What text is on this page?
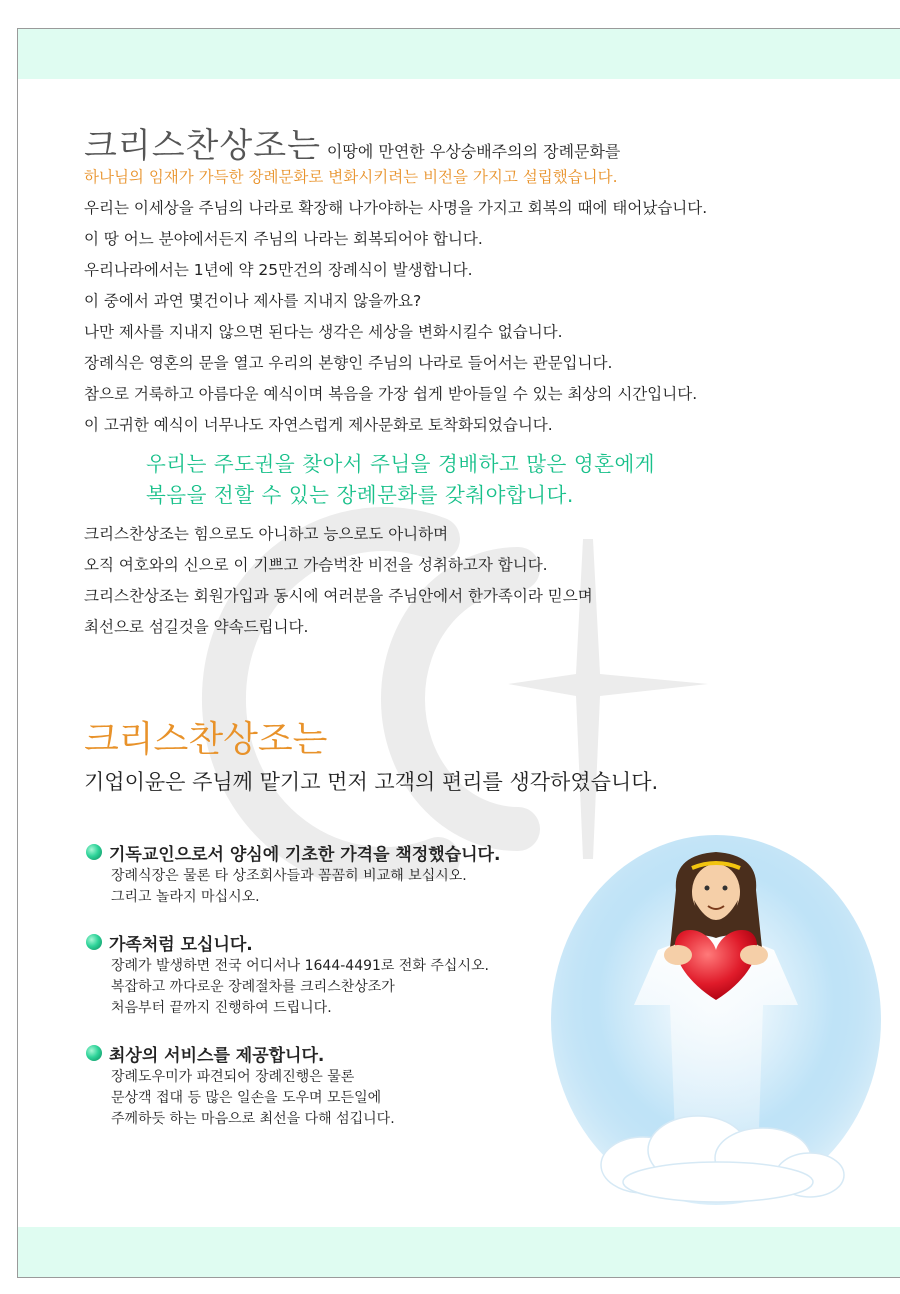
크리스찬상조는 이땅에 만연한 우상숭배주의의 장례문화를
하나님의 임재가 가득한 장례문화로 변화시키려는 비전을 가지고 설립했습니다.
우리는 이세상을 주님의 나라로 확장해 나가야하는 사명을 가지고 회복의 때에 태어났습니다.
이 땅 어느 분야에서든지 주님의 나라는 회복되어야 합니다.
우리나라에서는 1년에 약 25만건의 장례식이 발생합니다.
이 중에서 과연 몇건이나 제사를 지내지 않을까요?
나만 제사를 지내지 않으면 된다는 생각은 세상을 변화시킬수 없습니다.
장례식은 영혼의 문을 열고 우리의 본향인 주님의 나라로 들어서는 관문입니다.
참으로 거룩하고 아름다운 예식이며 복음을 가장 쉽게 받아들일 수 있는 최상의 시간입니다.
이 고귀한 예식이 너무나도 자연스럽게 제사문화로 토착화되었습니다.
우리는 주도권을 찾아서 주님을 경배하고 많은 영혼에게
복음을 전할 수 있는 장례문화를 갖춰야합니다.
크리스찬상조는 힘으로도 아니하고 능으로도 아니하며
오직 여호와의 신으로 이 기쁘고 가슴벅찬 비전을 성취하고자 합니다.
크리스찬상조는 회원가입과 동시에 여러분을 주님안에서 한가족이라 믿으며
최선으로 섬길것을 약속드립니다.
크리스찬상조는
기업이윤은 주님께 맡기고 먼저 고객의 편리를 생각하였습니다.
기독교인으로서 양심에 기초한 가격을 책정했습니다.
장례식장은 물론 타 상조회사들과 꼼꼼히 비교해 보십시오.
그리고 놀라지 마십시오.
가족처럼 모십니다.
장례가 발생하면 전국 어디서나 1644-4491로 전화 주십시오.
복잡하고 까다로운 장례절차를 크리스찬상조가
처음부터 끝까지 진행하여 드립니다.
최상의 서비스를 제공합니다.
장례도우미가 파견되어 장례진행은 물론
문상객 접대 등 많은 일손을 도우며 모든일에
주께하듯 하는 마음으로 최선을 다해 섬깁니다.
